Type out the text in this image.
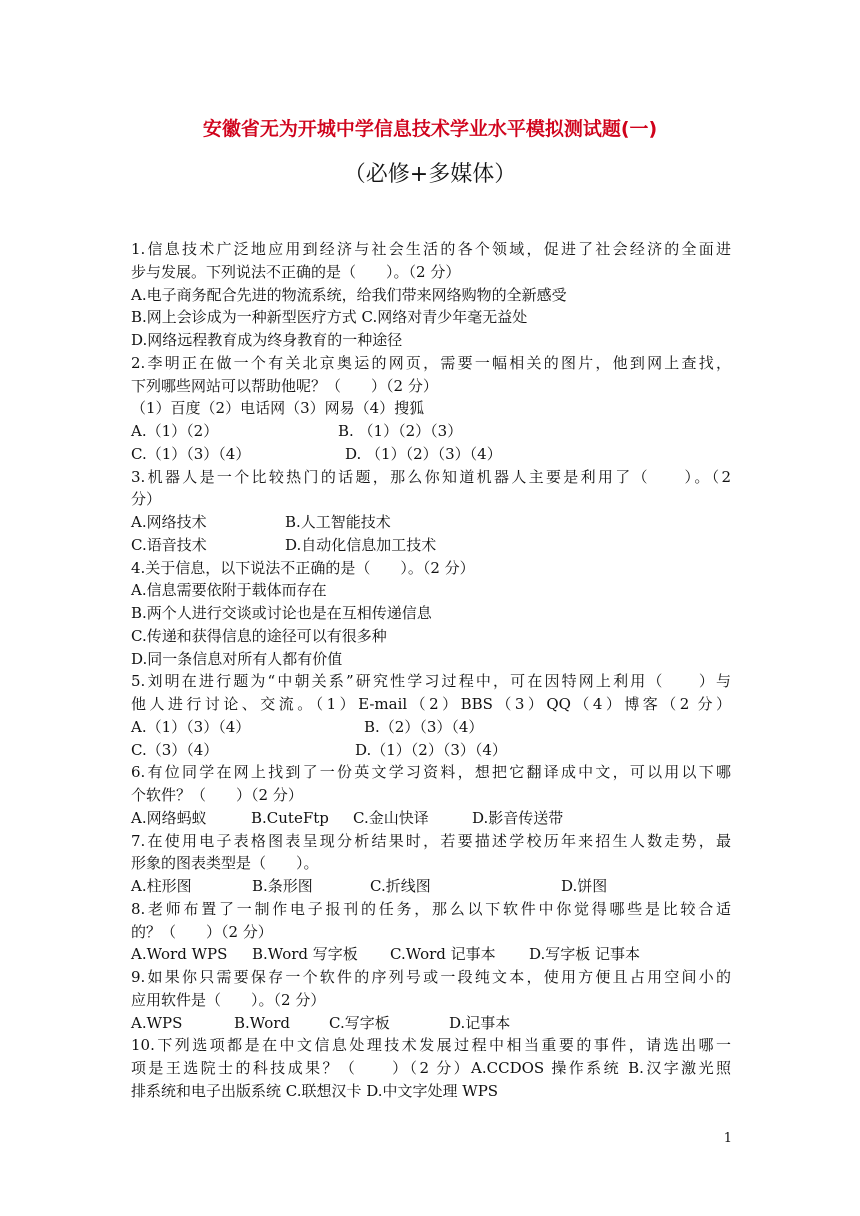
安徽省无为开城中学信息技术学业水平模拟测试题(一)
（必修+多媒体）
1.信息技术广泛地应用到经济与社会生活的各个领域，促进了社会经济的全面进
步与发展。下列说法不正确的是（　　）。（2 分）
A.电子商务配合先进的物流系统，给我们带来网络购物的全新感受
B.网上会诊成为一种新型医疗方式 C.网络对青少年毫无益处
D.网络远程教育成为终身教育的一种途径
2.李明正在做一个有关北京奥运的网页，需要一幅相关的图片，他到网上查找，
下列哪些网站可以帮助他呢？（　　）（2 分）
（1）百度（2）电话网（3）网易（4）搜狐
A.（1）（2）	B. （1）（2）（3）
C.（1）（3）（4）	D. （1）（2）（3）（4）
3.机器人是一个比较热门的话题，那么你知道机器人主要是利用了（　　）。（2
分）
A.网络技术	B.人工智能技术
C.语音技术	D.自动化信息加工技术
4.关于信息，以下说法不正确的是（　　）。（2 分）
A.信息需要依附于载体而存在
B.两个人进行交谈或讨论也是在互相传递信息
C.传递和获得信息的途径可以有很多种
D.同一条信息对所有人都有价值
5.刘明在进行题为“中朝关系”研究性学习过程中，可在因特网上利用（　　）与
他人进行讨论、交流。（1）E-mail（2）BBS（3）QQ（4）博客（2 分）
A.（1）（3）（4）	B.（2）（3）（4）
C.（3）（4）	D.（1）（2）（3）（4）
6.有位同学在网上找到了一份英文学习资料，想把它翻译成中文，可以用以下哪
个软件？（　　）（2 分）
A.网络蚂蚁	B.CuteFtp C.金山快译	D.影音传送带
7.在使用电子表格图表呈现分析结果时，若要描述学校历年来招生人数走势，最
形象的图表类型是（　　）。
A.柱形图	B.条形图	C.折线图	D.饼图
8.老师布置了一制作电子报刊的任务，那么以下软件中你觉得哪些是比较合适
的？（　　）（2 分）
A.Word WPS B.Word 写字板 C.Word 记事本 D.写字板 记事本
9.如果你只需要保存一个软件的序列号或一段纯文本，使用方便且占用空间小的
应用软件是（　　）。（2 分）
A.WPS	B.Word	C.写字板	D.记事本
10.下列选项都是在中文信息处理技术发展过程中相当重要的事件，请选出哪一
项是王选院士的科技成果？（　　）（2 分）A.CCDOS 操作系统 B.汉字激光照
排系统和电子出版系统 C.联想汉卡 D.中文字处理 WPS
1
